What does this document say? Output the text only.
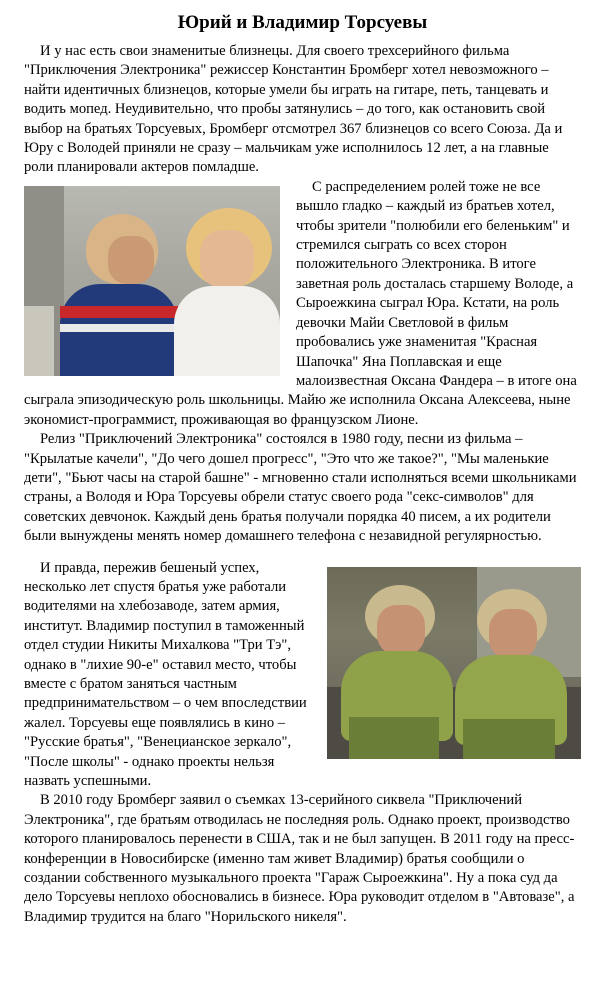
Юрий и Владимир Торсуевы

И у нас есть свои знаменитые близнецы. Для своего трехсерийного фильма "Приключения Электроника" режиссер Константин Бромберг хотел невозможного – найти идентичных близнецов, которые умели бы играть на гитаре, петь, танцевать и водить мопед. Неудивительно, что пробы затянулись – до того, как остановить свой выбор на братьях Торсуевых, Бромберг отсмотрел 367 близнецов со всего Союза. Да и Юру с Володей приняли не сразу – мальчикам уже исполнилось 12 лет, а на главные роли планировали актеров помладше.

С распределением ролей тоже не все вышло гладко – каждый из братьев хотел, чтобы зрители "полюбили его беленьким" и стремился сыграть со всех сторон положительного Электроника. В итоге заветная роль досталась старшему Володе, а Сыроежкина сыграл Юра. Кстати, на роль девочки Майи Светловой в фильм пробовались уже знаменитая "Красная Шапочка" Яна Поплавская и еще малоизвестная Оксана Фандера – в итоге она сыграла эпизодическую роль школьницы. Майю же исполнила Оксана Алексеева, ныне экономист-программист, проживающая во французском Лионе.

Релиз "Приключений Электроника" состоялся в 1980 году, песни из фильма – "Крылатые качели", "До чего дошел прогресс", "Это что же такое?", "Мы маленькие дети", "Бьют часы на старой башне" - мгновенно стали исполняться всеми школьниками страны, а Володя и Юра Торсуевы обрели статус своего рода "секс-символов" для советских девчонок. Каждый день братья получали порядка 40 писем, а их родители были вынуждены менять номер домашнего телефона с незавидной регулярностью.

И правда, пережив бешеный успех, несколько лет спустя братья уже работали водителями на хлебозаводе, затем армия, институт. Владимир поступил в таможенный отдел студии Никиты Михалкова "Три Тэ", однако в "лихие 90-е" оставил место, чтобы вместе с братом заняться частным предпринимательством – о чем впоследствии жалел. Торсуевы еще появлялись в кино – "Русские братья", "Венецианское зеркало", "После школы" - однако проекты нельзя назвать успешными.

В 2010 году Бромберг заявил о съемках 13-серийного сиквела "Приключений Электроника", где братьям отводилась не последняя роль. Однако проект, производство которого планировалось перенести в США, так и не был запущен. В 2011 году на пресс-конференции в Новосибирске (именно там живет Владимир) братья сообщили о создании собственного музыкального проекта "Гараж Сыроежкина". Ну а пока суд да дело Торсуевы неплохо обосновались в бизнесе. Юра руководит отделом в "Автовазе", а Владимир трудится на благо "Норильского никеля".
